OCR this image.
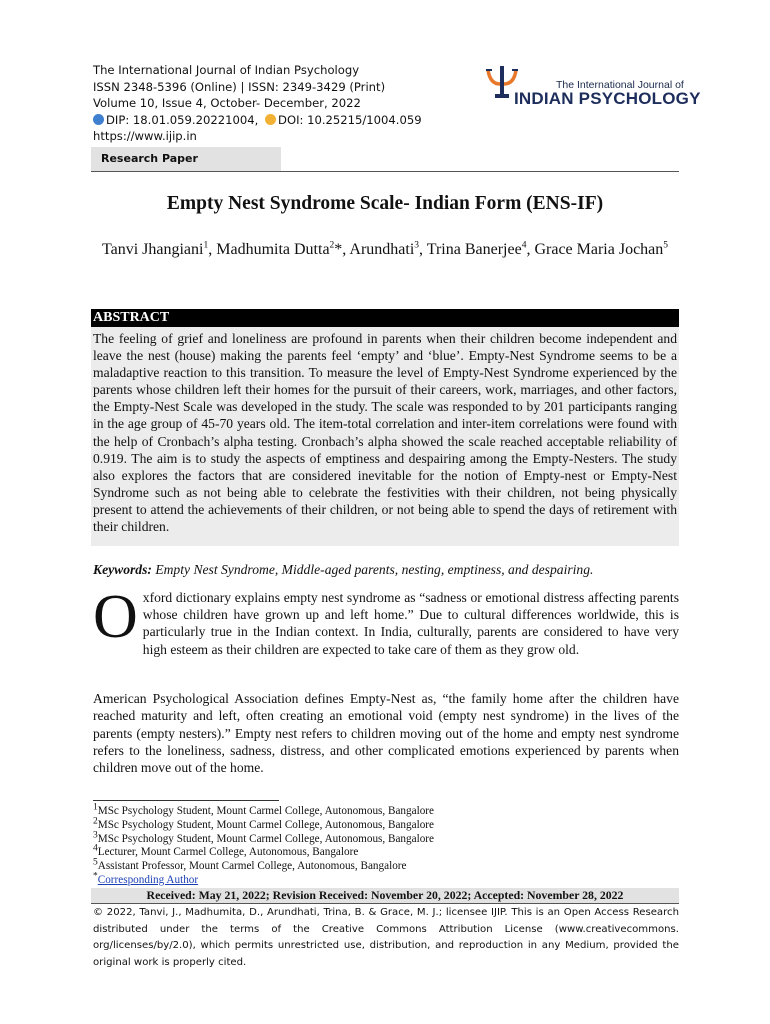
The International Journal of Indian Psychology
ISSN 2348-5396 (Online) | ISSN: 2349-3429 (Print)
Volume 10, Issue 4, October- December, 2022
DIP: 18.01.059.20221004, DOI: 10.25215/1004.059
https://www.ijip.in
The International Journal of
INDIAN PSYCHOLOGY
Research Paper
Empty Nest Syndrome Scale- Indian Form (ENS-IF)
Tanvi Jhangiani$^1$, Madhumita Dutta$^2$*, Arundhati$^3$, Trina Banerjee$^4$, Grace Maria Jochan$^5$
ABSTRACT
The feeling of grief and loneliness are profound in parents when their children become independent and leave the nest (house) making the parents feel ‘empty’ and ‘blue’. Empty-Nest Syndrome seems to be a maladaptive reaction to this transition. To measure the level of Empty-Nest Syndrome experienced by the parents whose children left their homes for the pursuit of their careers, work, marriages, and other factors, the Empty-Nest Scale was developed in the study. The scale was responded to by 201 participants ranging in the age group of 45-70 years old. The item-total correlation and inter-item correlations were found with the help of Cronbach’s alpha testing. Cronbach’s alpha showed the scale reached acceptable reliability of 0.919. The aim is to study the aspects of emptiness and despairing among the Empty-Nesters. The study also explores the factors that are considered inevitable for the notion of Empty-nest or Empty-Nest Syndrome such as not being able to celebrate the festivities with their children, not being physically present to attend the achievements of their children, or not being able to spend the days of retirement with their children.
Keywords: Empty Nest Syndrome, Middle-aged parents, nesting, emptiness, and despairing.
Oxford dictionary explains empty nest syndrome as “sadness or emotional distress affecting parents whose children have grown up and left home.” Due to cultural differences worldwide, this is particularly true in the Indian context. In India, culturally, parents are considered to have very high esteem as their children are expected to take care of them as they grow old.
American Psychological Association defines Empty-Nest as, “the family home after the children have reached maturity and left, often creating an emotional void (empty nest syndrome) in the lives of the parents (empty nesters).” Empty nest refers to children moving out of the home and empty nest syndrome refers to the loneliness, sadness, distress, and other complicated emotions experienced by parents when children move out of the home.
$^1$MSc Psychology Student, Mount Carmel College, Autonomous, Bangalore
$^2$MSc Psychology Student, Mount Carmel College, Autonomous, Bangalore
$^3$MSc Psychology Student, Mount Carmel College, Autonomous, Bangalore
$^4$Lecturer, Mount Carmel College, Autonomous, Bangalore
$^5$Assistant Professor, Mount Carmel College, Autonomous, Bangalore
*Corresponding Author
Received: May 21, 2022; Revision Received: November 20, 2022; Accepted: November 28, 2022
© 2022, Tanvi, J., Madhumita, D., Arundhati, Trina, B. & Grace, M. J.; licensee IJIP. This is an Open Access Research distributed under the terms of the Creative Commons Attribution License (www.creativecommons. org/licenses/by/2.0), which permits unrestricted use, distribution, and reproduction in any Medium, provided the original work is properly cited.
